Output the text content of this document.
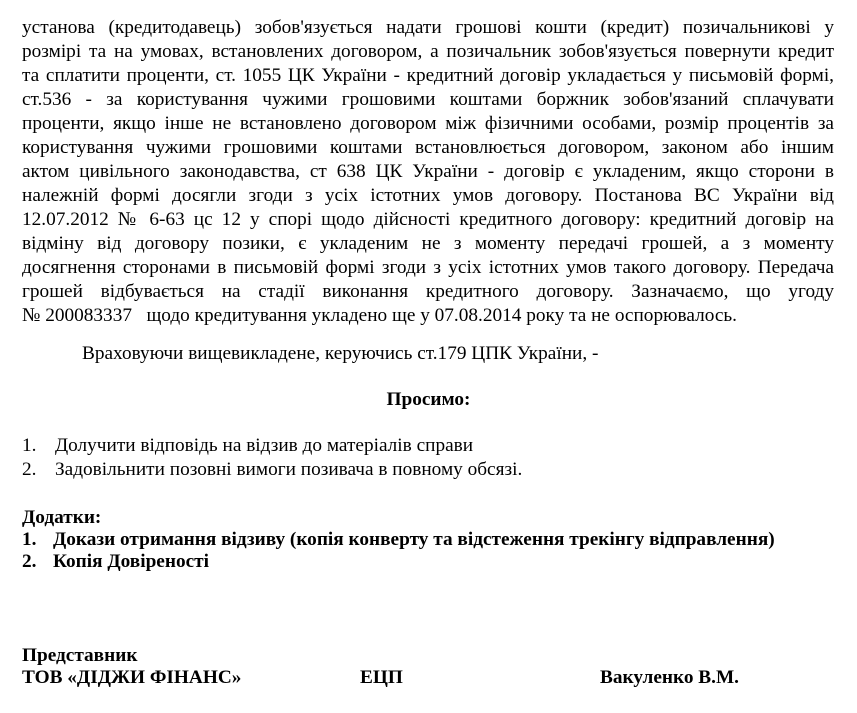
установа (кредитодавець) зобов'язується надати грошові кошти (кредит) позичальникові у
розмірі та на умовах, встановлених договором, а позичальник зобов'язується повернути кредит
та сплатити проценти, ст. 1055 ЦК України - кредитний договір укладається у письмовій формі,
ст.536 - за користування чужими грошовими коштами боржник зобов'язаний сплачувати
проценти, якщо інше не встановлено договором між фізичними особами, розмір процентів за
користування чужими грошовими коштами встановлюється договором, законом або іншим
актом цивільного законодавства, ст 638 ЦК України - договір є укладеним, якщо сторони в
належній формі досягли згоди з усіх істотних умов договору. Постанова ВС України від
12.07.2012 № 6-63 цс 12 у спорі щодо дійсності кредитного договору: кредитний договір на
відміну від договору позики, є укладеним не з моменту передачі грошей, а з моменту
досягнення сторонами в письмовій формі згоди з усіх істотних умов такого договору. Передача
грошей відбувається на стадії виконання кредитного договору. Зазначаємо, що угоду
№ 200083337   щодо кредитування укладено ще у 07.08.2014 року та не оспорювалось.
Враховуючи вищевикладене, керуючись ст.179 ЦПК України, -
Просимо:
1. Долучити відповідь на відзив до матеріалів справи
2. Задовільнити позовні вимоги позивача в повному обсязі.
Додатки:
1. Докази отримання відзиву (копія конверту та відстеження трекінгу відправлення)
2. Копія Довіреності
Представник
ТОВ «ДІДЖИ ФІНАНС»	ЕЦП	Вакуленко В.М.
